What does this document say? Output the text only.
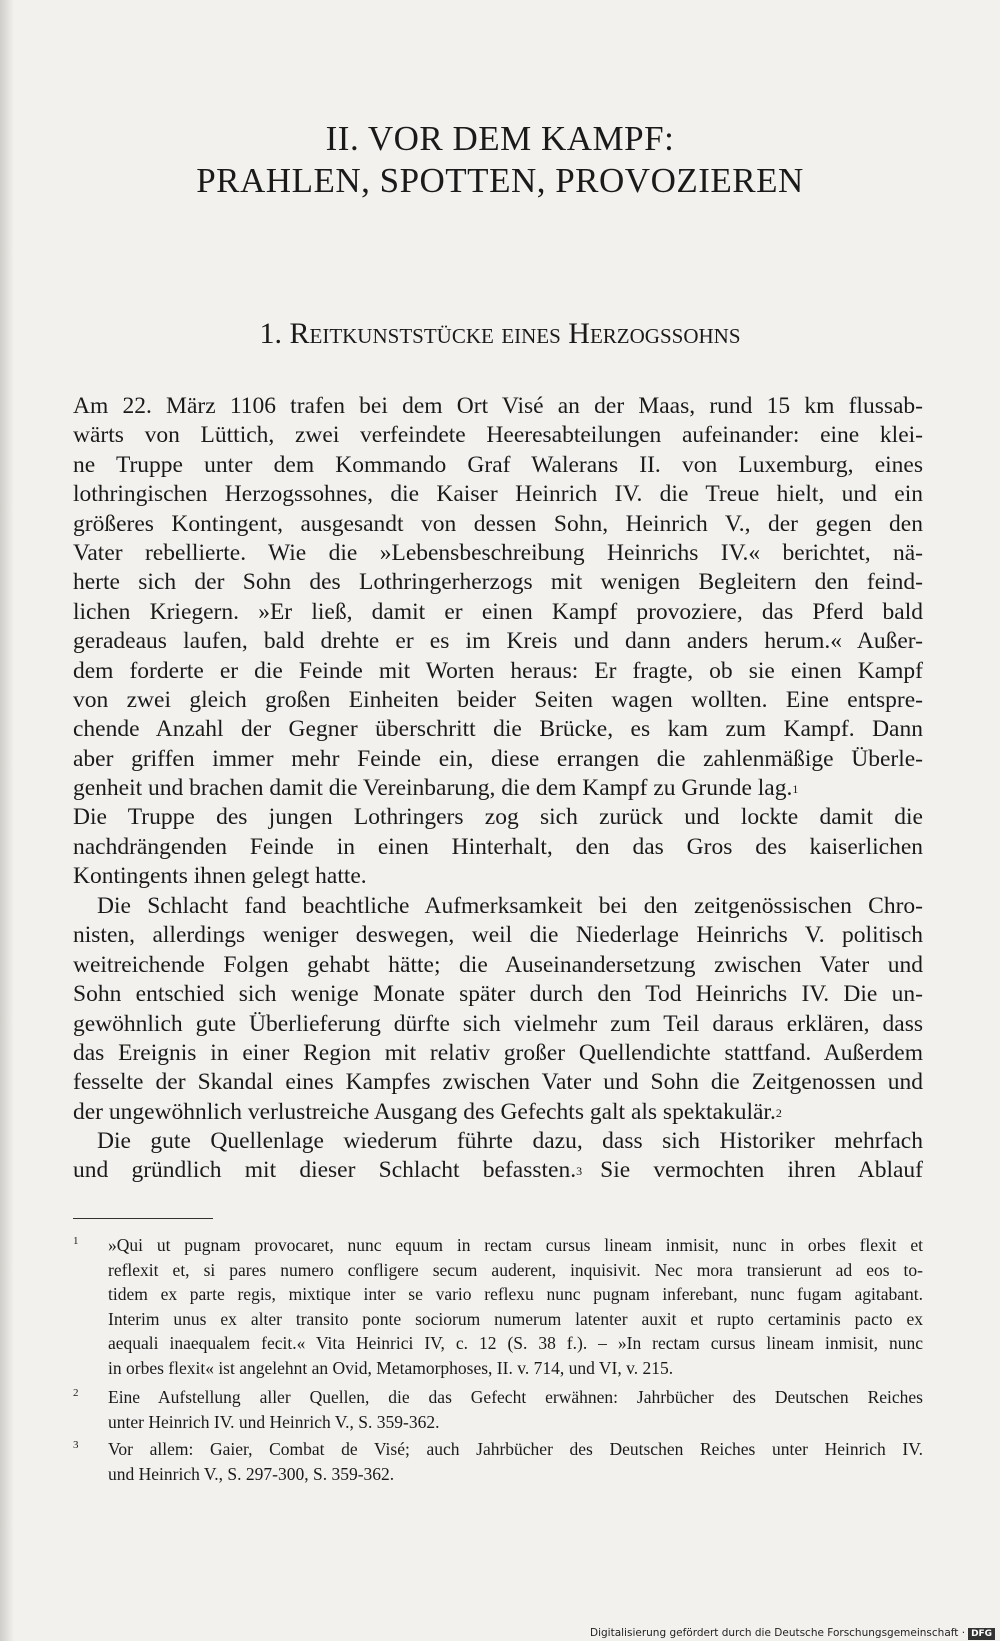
II. VOR DEM KAMPF:
PRAHLEN, SPOTTEN, PROVOZIEREN
1. Reitkunststücke eines Herzogssohns
Am 22. März 1106 trafen bei dem Ort Visé an der Maas, rund 15 km flussab-
wärts von Lüttich, zwei verfeindete Heeresabteilungen aufeinander: eine klei-
ne Truppe unter dem Kommando Graf Walerans II. von Luxemburg, eines
lothringischen Herzogssohnes, die Kaiser Heinrich IV. die Treue hielt, und ein
größeres Kontingent, ausgesandt von dessen Sohn, Heinrich V., der gegen den
Vater rebellierte. Wie die »Lebensbeschreibung Heinrichs IV.« berichtet, nä-
herte sich der Sohn des Lothringerherzogs mit wenigen Begleitern den feind-
lichen Kriegern. »Er ließ, damit er einen Kampf provoziere, das Pferd bald
geradeaus laufen, bald drehte er es im Kreis und dann anders herum.« Außer-
dem forderte er die Feinde mit Worten heraus: Er fragte, ob sie einen Kampf
von zwei gleich großen Einheiten beider Seiten wagen wollten. Eine entspre-
chende Anzahl der Gegner überschritt die Brücke, es kam zum Kampf. Dann
aber griffen immer mehr Feinde ein, diese errangen die zahlenmäßige Überle-
genheit und brachen damit die Vereinbarung, die dem Kampf zu Grunde lag.$^1$
Die Truppe des jungen Lothringers zog sich zurück und lockte damit die
nachdrängenden Feinde in einen Hinterhalt, den das Gros des kaiserlichen
Kontingents ihnen gelegt hatte.
Die Schlacht fand beachtliche Aufmerksamkeit bei den zeitgenössischen Chro-
nisten, allerdings weniger deswegen, weil die Niederlage Heinrichs V. politisch
weitreichende Folgen gehabt hätte; die Auseinandersetzung zwischen Vater und
Sohn entschied sich wenige Monate später durch den Tod Heinrichs IV. Die un-
gewöhnlich gute Überlieferung dürfte sich vielmehr zum Teil daraus erklären, dass
das Ereignis in einer Region mit relativ großer Quellendichte stattfand. Außerdem
fesselte der Skandal eines Kampfes zwischen Vater und Sohn die Zeitgenossen und
der ungewöhnlich verlustreiche Ausgang des Gefechts galt als spektakulär.$^2$
Die gute Quellenlage wiederum führte dazu, dass sich Historiker mehrfach
und gründlich mit dieser Schlacht befassten.$^3$ Sie vermochten ihren Ablauf
1 »Qui ut pugnam provocaret, nunc equum in rectam cursus lineam inmisit, nunc in orbes flexit et
reflexit et, si pares numero confligere secum auderent, inquisivit. Nec mora transierunt ad eos to-
tidem ex parte regis, mixtique inter se vario reflexu nunc pugnam inferebant, nunc fugam agitabant.
Interim unus ex alter transito ponte sociorum numerum latenter auxit et rupto certaminis pacto ex
aequali inaequalem fecit.« Vita Heinrici IV, c. 12 (S. 38 f.). – »In rectam cursus lineam inmisit, nunc
in orbes flexit« ist angelehnt an Ovid, Metamorphoses, II. v. 714, und VI, v. 215.
2 Eine Aufstellung aller Quellen, die das Gefecht erwähnen: Jahrbücher des Deutschen Reiches
unter Heinrich IV. und Heinrich V., S. 359-362.
3 Vor allem: Gaier, Combat de Visé; auch Jahrbücher des Deutschen Reiches unter Heinrich IV.
und Heinrich V., S. 297-300, S. 359-362.
Digitalisierung gefördert durch die Deutsche Forschungsgemeinschaft · DFG
